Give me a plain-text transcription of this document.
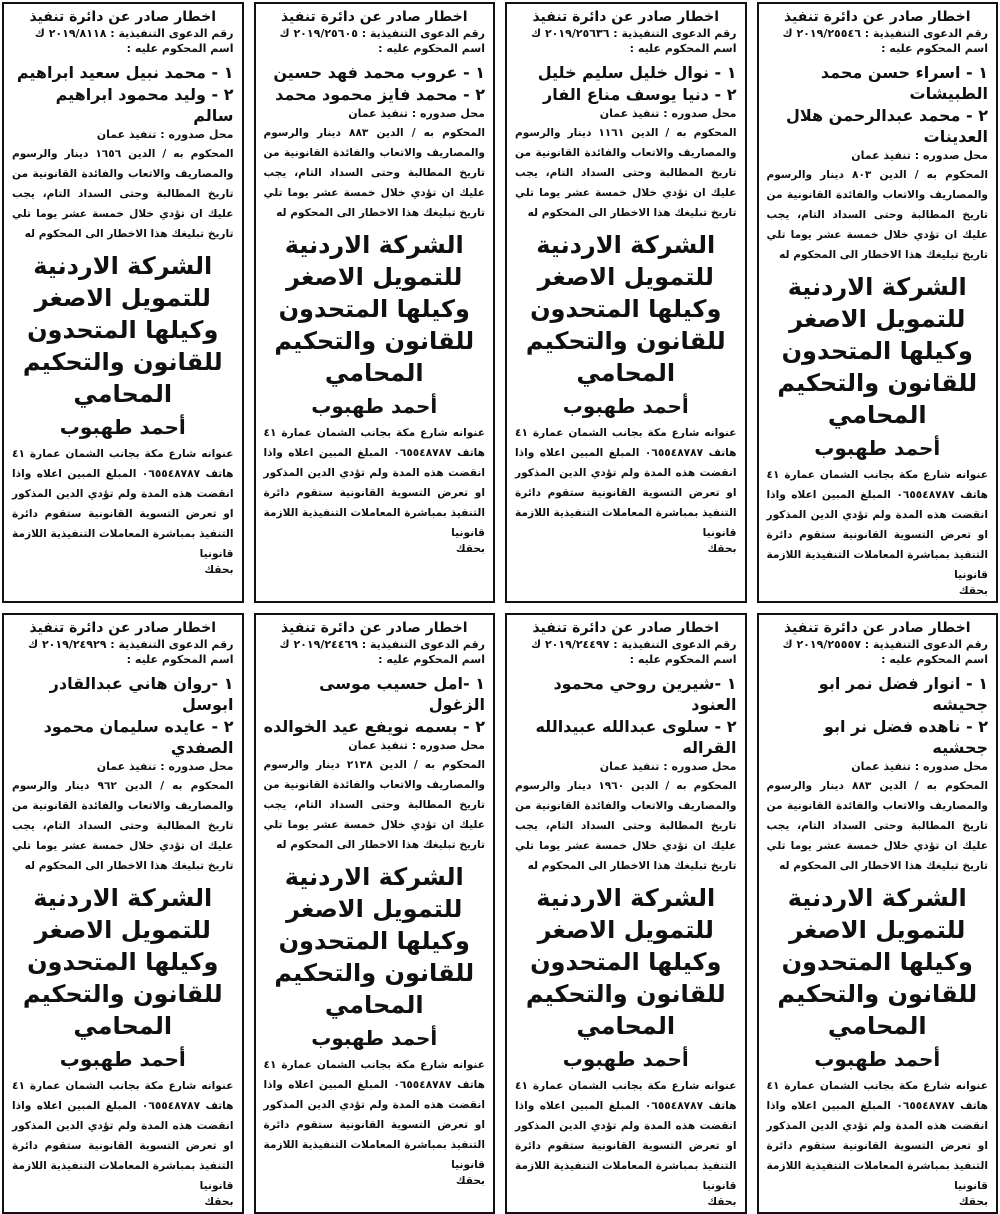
اخطار صادر عن دائرة تنفيذ
رقم الدعوى التنفيذية : ٢٠١٩/٢٥٥٤٦ ك
اسم المحكوم عليه :
١ - اسراء حسن محمد الطبيشات
٢ - محمد عبدالرحمن هلال العدينات
محل صدوره : تنفيذ عمان
المحكوم به / الدين ٨٠٣ دينار والرسوم والمصاريف والاتعاب والفائدة القانونية من تاريخ المطالبة وحتى السداد التام، يجب عليك ان تؤدي خلال خمسة عشر يوما تلي تاريخ تبليغك هذا الاخطار الى المحكوم له
الشركة الاردنية للتمويل الاصغر وكيلها المتحدون للقانون والتحكيم المحامي
أحمد طهبوب
عنوانه شارع مكة بجانب الشمان عمارة ٤١ هاتف ٠٦٥٥٤٨٧٨٧ المبلغ المبين اعلاه واذا انقضت هذه المدة ولم تؤدي الدين المذكور او تعرض التسوية القانونية ستقوم دائرة التنفيذ بمباشرة المعاملات التنفيذية اللازمة قانونيا
بحقك
اخطار صادر عن دائرة تنفيذ
رقم الدعوى التنفيذية : ٢٠١٩/٢٥٦٣٦ ك
اسم المحكوم عليه :
١ - نوال خليل سليم خليل
٢ - دنيا يوسف مناع الفار
محل صدوره : تنفيذ عمان
المحكوم به / الدين ١١٦١ دينار والرسوم والمصاريف والاتعاب والفائدة القانونية من تاريخ المطالبة وحتى السداد التام، يجب عليك ان تؤدي خلال خمسة عشر يوما تلي تاريخ تبليغك هذا الاخطار الى المحكوم له
الشركة الاردنية للتمويل الاصغر وكيلها المتحدون للقانون والتحكيم المحامي
أحمد طهبوب
عنوانه شارع مكة بجانب الشمان عمارة ٤١ هاتف ٠٦٥٥٤٨٧٨٧ المبلغ المبين اعلاه واذا انقضت هذه المدة ولم تؤدي الدين المذكور او تعرض التسوية القانونية ستقوم دائرة التنفيذ بمباشرة المعاملات التنفيذية اللازمة قانونيا
بحقك
اخطار صادر عن دائرة تنفيذ
رقم الدعوى التنفيذية : ٢٠١٩/٢٥٦٠٥ ك
اسم المحكوم عليه :
١ - عروب محمد فهد حسين
٢ - محمد فايز محمود محمد
محل صدوره : تنفيذ عمان
المحكوم به / الدين ٨٨٣ دينار والرسوم والمصاريف والاتعاب والفائدة القانونية من تاريخ المطالبة وحتى السداد التام، يجب عليك ان تؤدي خلال خمسة عشر يوما تلي تاريخ تبليغك هذا الاخطار الى المحكوم له
الشركة الاردنية للتمويل الاصغر وكيلها المتحدون للقانون والتحكيم المحامي
أحمد طهبوب
عنوانه شارع مكة بجانب الشمان عمارة ٤١ هاتف ٠٦٥٥٤٨٧٨٧ المبلغ المبين اعلاه واذا انقضت هذه المدة ولم تؤدي الدين المذكور او تعرض التسوية القانونية ستقوم دائرة التنفيذ بمباشرة المعاملات التنفيذية اللازمة قانونيا
بحقك
اخطار صادر عن دائرة تنفيذ
رقم الدعوى التنفيذية : ٢٠١٩/٨١١٨ ك
اسم المحكوم عليه :
١ - محمد نبيل سعيد ابراهيم
٢ - وليد محمود ابراهيم سالم
محل صدوره : تنفيذ عمان
المحكوم به / الدين ١٦٥٦ دينار والرسوم والمصاريف والاتعاب والفائدة القانونية من تاريخ المطالبة وحتى السداد التام، يجب عليك ان تؤدي خلال خمسة عشر يوما تلي تاريخ تبليغك هذا الاخطار الى المحكوم له
الشركة الاردنية للتمويل الاصغر وكيلها المتحدون للقانون والتحكيم المحامي
أحمد طهبوب
عنوانه شارع مكة بجانب الشمان عمارة ٤١ هاتف ٠٦٥٥٤٨٧٨٧ المبلغ المبين اعلاه واذا انقضت هذه المدة ولم تؤدي الدين المذكور او تعرض التسوية القانونية ستقوم دائرة التنفيذ بمباشرة المعاملات التنفيذية اللازمة قانونيا
بحقك
اخطار صادر عن دائرة تنفيذ
رقم الدعوى التنفيذية : ٢٠١٩/٢٥٥٥٧ ك
اسم المحكوم عليه :
١ - انوار فضل نمر ابو جحيشه
٢ - ناهده فضل نر ابو جحشيه
محل صدوره : تنفيذ عمان
المحكوم به / الدين ٨٨٣ دينار والرسوم والمصاريف والاتعاب والفائدة القانونية من تاريخ المطالبة وحتى السداد التام، يجب عليك ان تؤدي خلال خمسة عشر يوما تلي تاريخ تبليغك هذا الاخطار الى المحكوم له
الشركة الاردنية للتمويل الاصغر وكيلها المتحدون للقانون والتحكيم المحامي
أحمد طهبوب
عنوانه شارع مكة بجانب الشمان عمارة ٤١ هاتف ٠٦٥٥٤٨٧٨٧ المبلغ المبين اعلاه واذا انقضت هذه المدة ولم تؤدي الدين المذكور او تعرض التسوية القانونية ستقوم دائرة التنفيذ بمباشرة المعاملات التنفيذية اللازمة قانونيا
بحقك
اخطار صادر عن دائرة تنفيذ
رقم الدعوى التنفيذية : ٢٠١٩/٢٤٤٩٧ ك
اسم المحكوم عليه :
١ -شيرين روحي محمود العنود
٢ - سلوى عبدالله عبيدالله القراله
محل صدوره : تنفيذ عمان
المحكوم به / الدين ١٩٦٠ دينار والرسوم والمصاريف والاتعاب والفائدة القانونية من تاريخ المطالبة وحتى السداد التام، يجب عليك ان تؤدي خلال خمسة عشر يوما تلي تاريخ تبليغك هذا الاخطار الى المحكوم له
الشركة الاردنية للتمويل الاصغر وكيلها المتحدون للقانون والتحكيم المحامي
أحمد طهبوب
عنوانه شارع مكة بجانب الشمان عمارة ٤١ هاتف ٠٦٥٥٤٨٧٨٧ المبلغ المبين اعلاه واذا انقضت هذه المدة ولم تؤدي الدين المذكور او تعرض التسوية القانونية ستقوم دائرة التنفيذ بمباشرة المعاملات التنفيذية اللازمة قانونيا
بحقك
اخطار صادر عن دائرة تنفيذ
رقم الدعوى التنفيذية : ٢٠١٩/٢٤٤٦٩ ك
اسم المحكوم عليه :
١ -امل حسيب موسى الزغول
٢ - بسمه نويفع عيد الخوالده
محل صدوره : تنفيذ عمان
المحكوم به / الدين ٢١٣٨ دينار والرسوم والمصاريف والاتعاب والفائدة القانونية من تاريخ المطالبة وحتى السداد التام، يجب عليك ان تؤدي خلال خمسة عشر يوما تلي تاريخ تبليغك هذا الاخطار الى المحكوم له
الشركة الاردنية للتمويل الاصغر وكيلها المتحدون للقانون والتحكيم المحامي
أحمد طهبوب
عنوانه شارع مكة بجانب الشمان عمارة ٤١ هاتف ٠٦٥٥٤٨٧٨٧ المبلغ المبين اعلاه واذا انقضت هذه المدة ولم تؤدي الدين المذكور او تعرض التسوية القانونية ستقوم دائرة التنفيذ بمباشرة المعاملات التنفيذية اللازمة قانونيا
بحقك
اخطار صادر عن دائرة تنفيذ
رقم الدعوى التنفيذية : ٢٠١٩/٢٤٩٢٩ ك
اسم المحكوم عليه :
١ -روان هاني عبدالقادر ابوسل
٢ - عايده سليمان محمود الصفدي
محل صدوره : تنفيذ عمان
المحكوم به / الدين ٩٦٢ دينار والرسوم والمصاريف والاتعاب والفائدة القانونية من تاريخ المطالبة وحتى السداد التام، يجب عليك ان تؤدي خلال خمسة عشر يوما تلي تاريخ تبليغك هذا الاخطار الى المحكوم له
الشركة الاردنية للتمويل الاصغر وكيلها المتحدون للقانون والتحكيم المحامي
أحمد طهبوب
عنوانه شارع مكة بجانب الشمان عمارة ٤١ هاتف ٠٦٥٥٤٨٧٨٧ المبلغ المبين اعلاه واذا انقضت هذه المدة ولم تؤدي الدين المذكور او تعرض التسوية القانونية ستقوم دائرة التنفيذ بمباشرة المعاملات التنفيذية اللازمة قانونيا
بحقك
